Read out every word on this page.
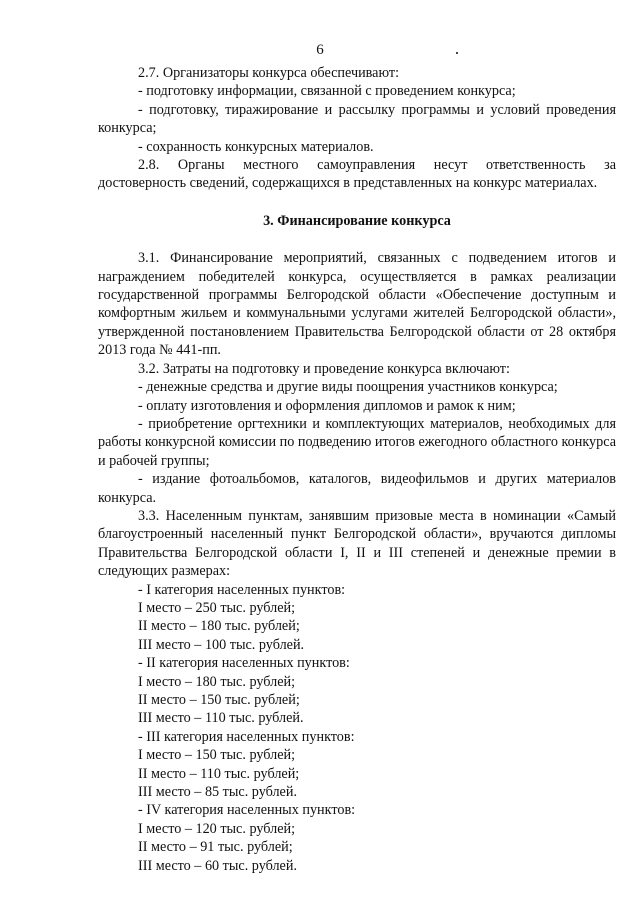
6

2.7. Организаторы конкурса обеспечивают:

- подготовку информации, связанной с проведением конкурса;

- подготовку, тиражирование и рассылку программы и условий проведения конкурса;

- сохранность конкурсных материалов.

2.8. Органы местного самоуправления несут ответственность за достоверность сведений, содержащихся в представленных на конкурс материалах.

3. Финансирование конкурса

3.1. Финансирование мероприятий, связанных с подведением итогов и награждением победителей конкурса, осуществляется в рамках реализации государственной программы Белгородской области «Обеспечение доступным и комфортным жильем и коммунальными услугами жителей Белгородской области», утвержденной постановлением Правительства Белгородской области от 28 октября 2013 года № 441-пп.

3.2. Затраты на подготовку и проведение конкурса включают:

- денежные средства и другие виды поощрения участников конкурса;

- оплату изготовления и оформления дипломов и рамок к ним;

- приобретение оргтехники и комплектующих материалов, необходимых для работы конкурсной комиссии по подведению итогов ежегодного областного конкурса и рабочей группы;

- издание фотоальбомов, каталогов, видеофильмов и других материалов конкурса.

3.3. Населенным пунктам, занявшим призовые места в номинации «Самый благоустроенный населенный пункт Белгородской области», вручаются дипломы Правительства Белгородской области I, II и III степеней и денежные премии в следующих размерах:

- I категория населенных пунктов:

I место – 250 тыс. рублей;

II место – 180 тыс. рублей;

III место – 100 тыс. рублей.

- II категория населенных пунктов:

I место – 180 тыс. рублей;

II место – 150 тыс. рублей;

III место – 110 тыс. рублей.

- III категория населенных пунктов:

I место – 150 тыс. рублей;

II место – 110 тыс. рублей;

III место – 85 тыс. рублей.

- IV категория населенных пунктов:

I место – 120 тыс. рублей;

II место – 91 тыс. рублей;

III место – 60 тыс. рублей.
